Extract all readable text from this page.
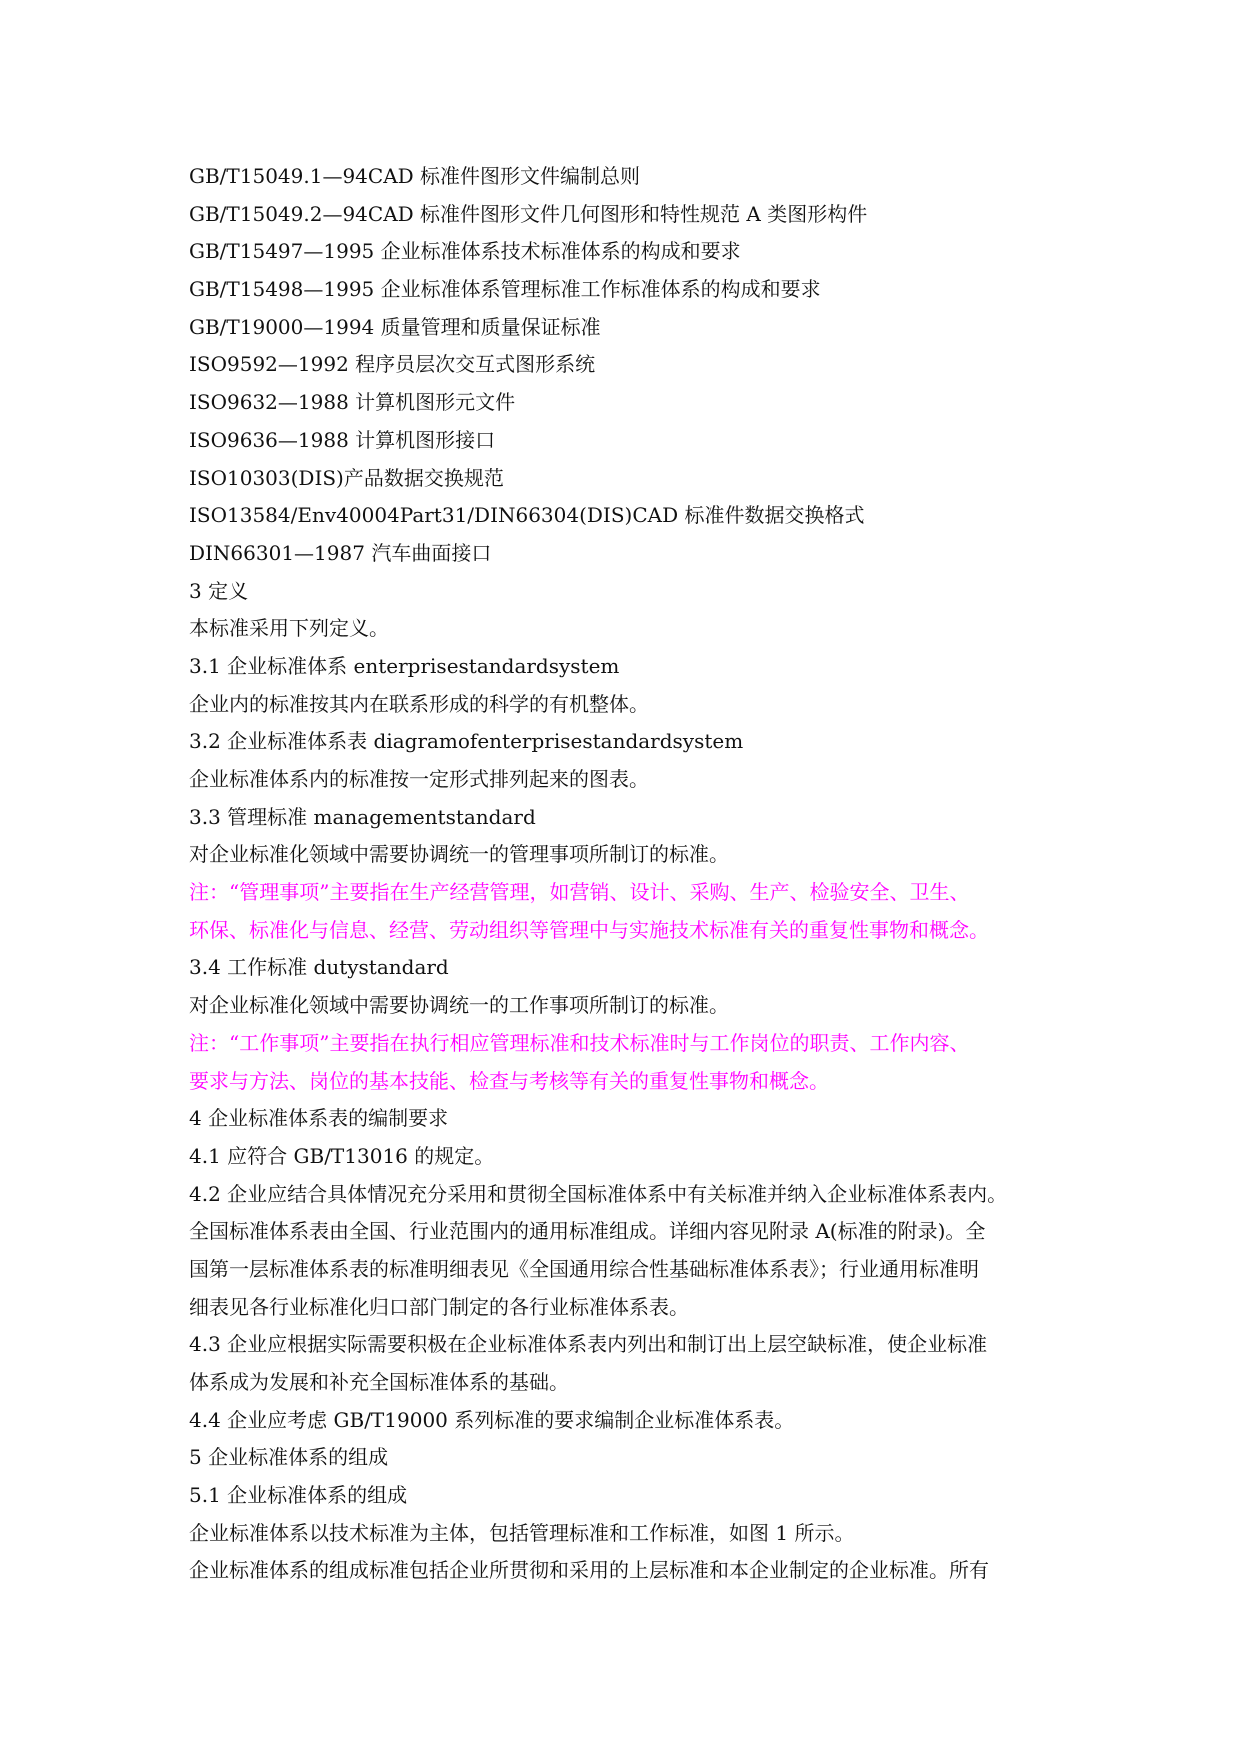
GB/T15049.1—94CAD 标准件图形文件编制总则
GB/T15049.2—94CAD 标准件图形文件几何图形和特性规范 A 类图形构件
GB/T15497—1995 企业标准体系技术标准体系的构成和要求
GB/T15498—1995 企业标准体系管理标准工作标准体系的构成和要求
GB/T19000—1994 质量管理和质量保证标准
ISO9592—1992 程序员层次交互式图形系统
ISO9632—1988 计算机图形元文件
ISO9636—1988 计算机图形接口
ISO10303(DIS)产品数据交换规范
ISO13584/Env40004Part31/DIN66304(DIS)CAD 标准件数据交换格式
DIN66301—1987 汽车曲面接口
3 定义
本标准采用下列定义。
3.1 企业标准体系 enterprisestandardsystem
企业内的标准按其内在联系形成的科学的有机整体。
3.2 企业标准体系表 diagramofenterprisestandardsystem
企业标准体系内的标准按一定形式排列起来的图表。
3.3 管理标准 managementstandard
对企业标准化领域中需要协调统一的管理事项所制订的标准。
注：“管理事项”主要指在生产经营管理，如营销、设计、采购、生产、检验安全、卫生、
环保、标准化与信息、经营、劳动组织等管理中与实施技术标准有关的重复性事物和概念。
3.4 工作标准 dutystandard
对企业标准化领域中需要协调统一的工作事项所制订的标准。
注：“工作事项”主要指在执行相应管理标准和技术标准时与工作岗位的职责、工作内容、
要求与方法、岗位的基本技能、检查与考核等有关的重复性事物和概念。
4 企业标准体系表的编制要求
4.1 应符合 GB/T13016 的规定。
4.2 企业应结合具体情况充分采用和贯彻全国标准体系中有关标准并纳入企业标准体系表内。
全国标准体系表由全国、行业范围内的通用标准组成。详细内容见附录 A(标准的附录)。全
国第一层标准体系表的标准明细表见《全国通用综合性基础标准体系表》；行业通用标准明
细表见各行业标准化归口部门制定的各行业标准体系表。
4.3 企业应根据实际需要积极在企业标准体系表内列出和制订出上层空缺标准，使企业标准
体系成为发展和补充全国标准体系的基础。
4.4 企业应考虑 GB/T19000 系列标准的要求编制企业标准体系表。
5 企业标准体系的组成
5.1 企业标准体系的组成
企业标准体系以技术标准为主体，包括管理标准和工作标准，如图 1 所示。
企业标准体系的组成标准包括企业所贯彻和采用的上层标准和本企业制定的企业标准。所有
